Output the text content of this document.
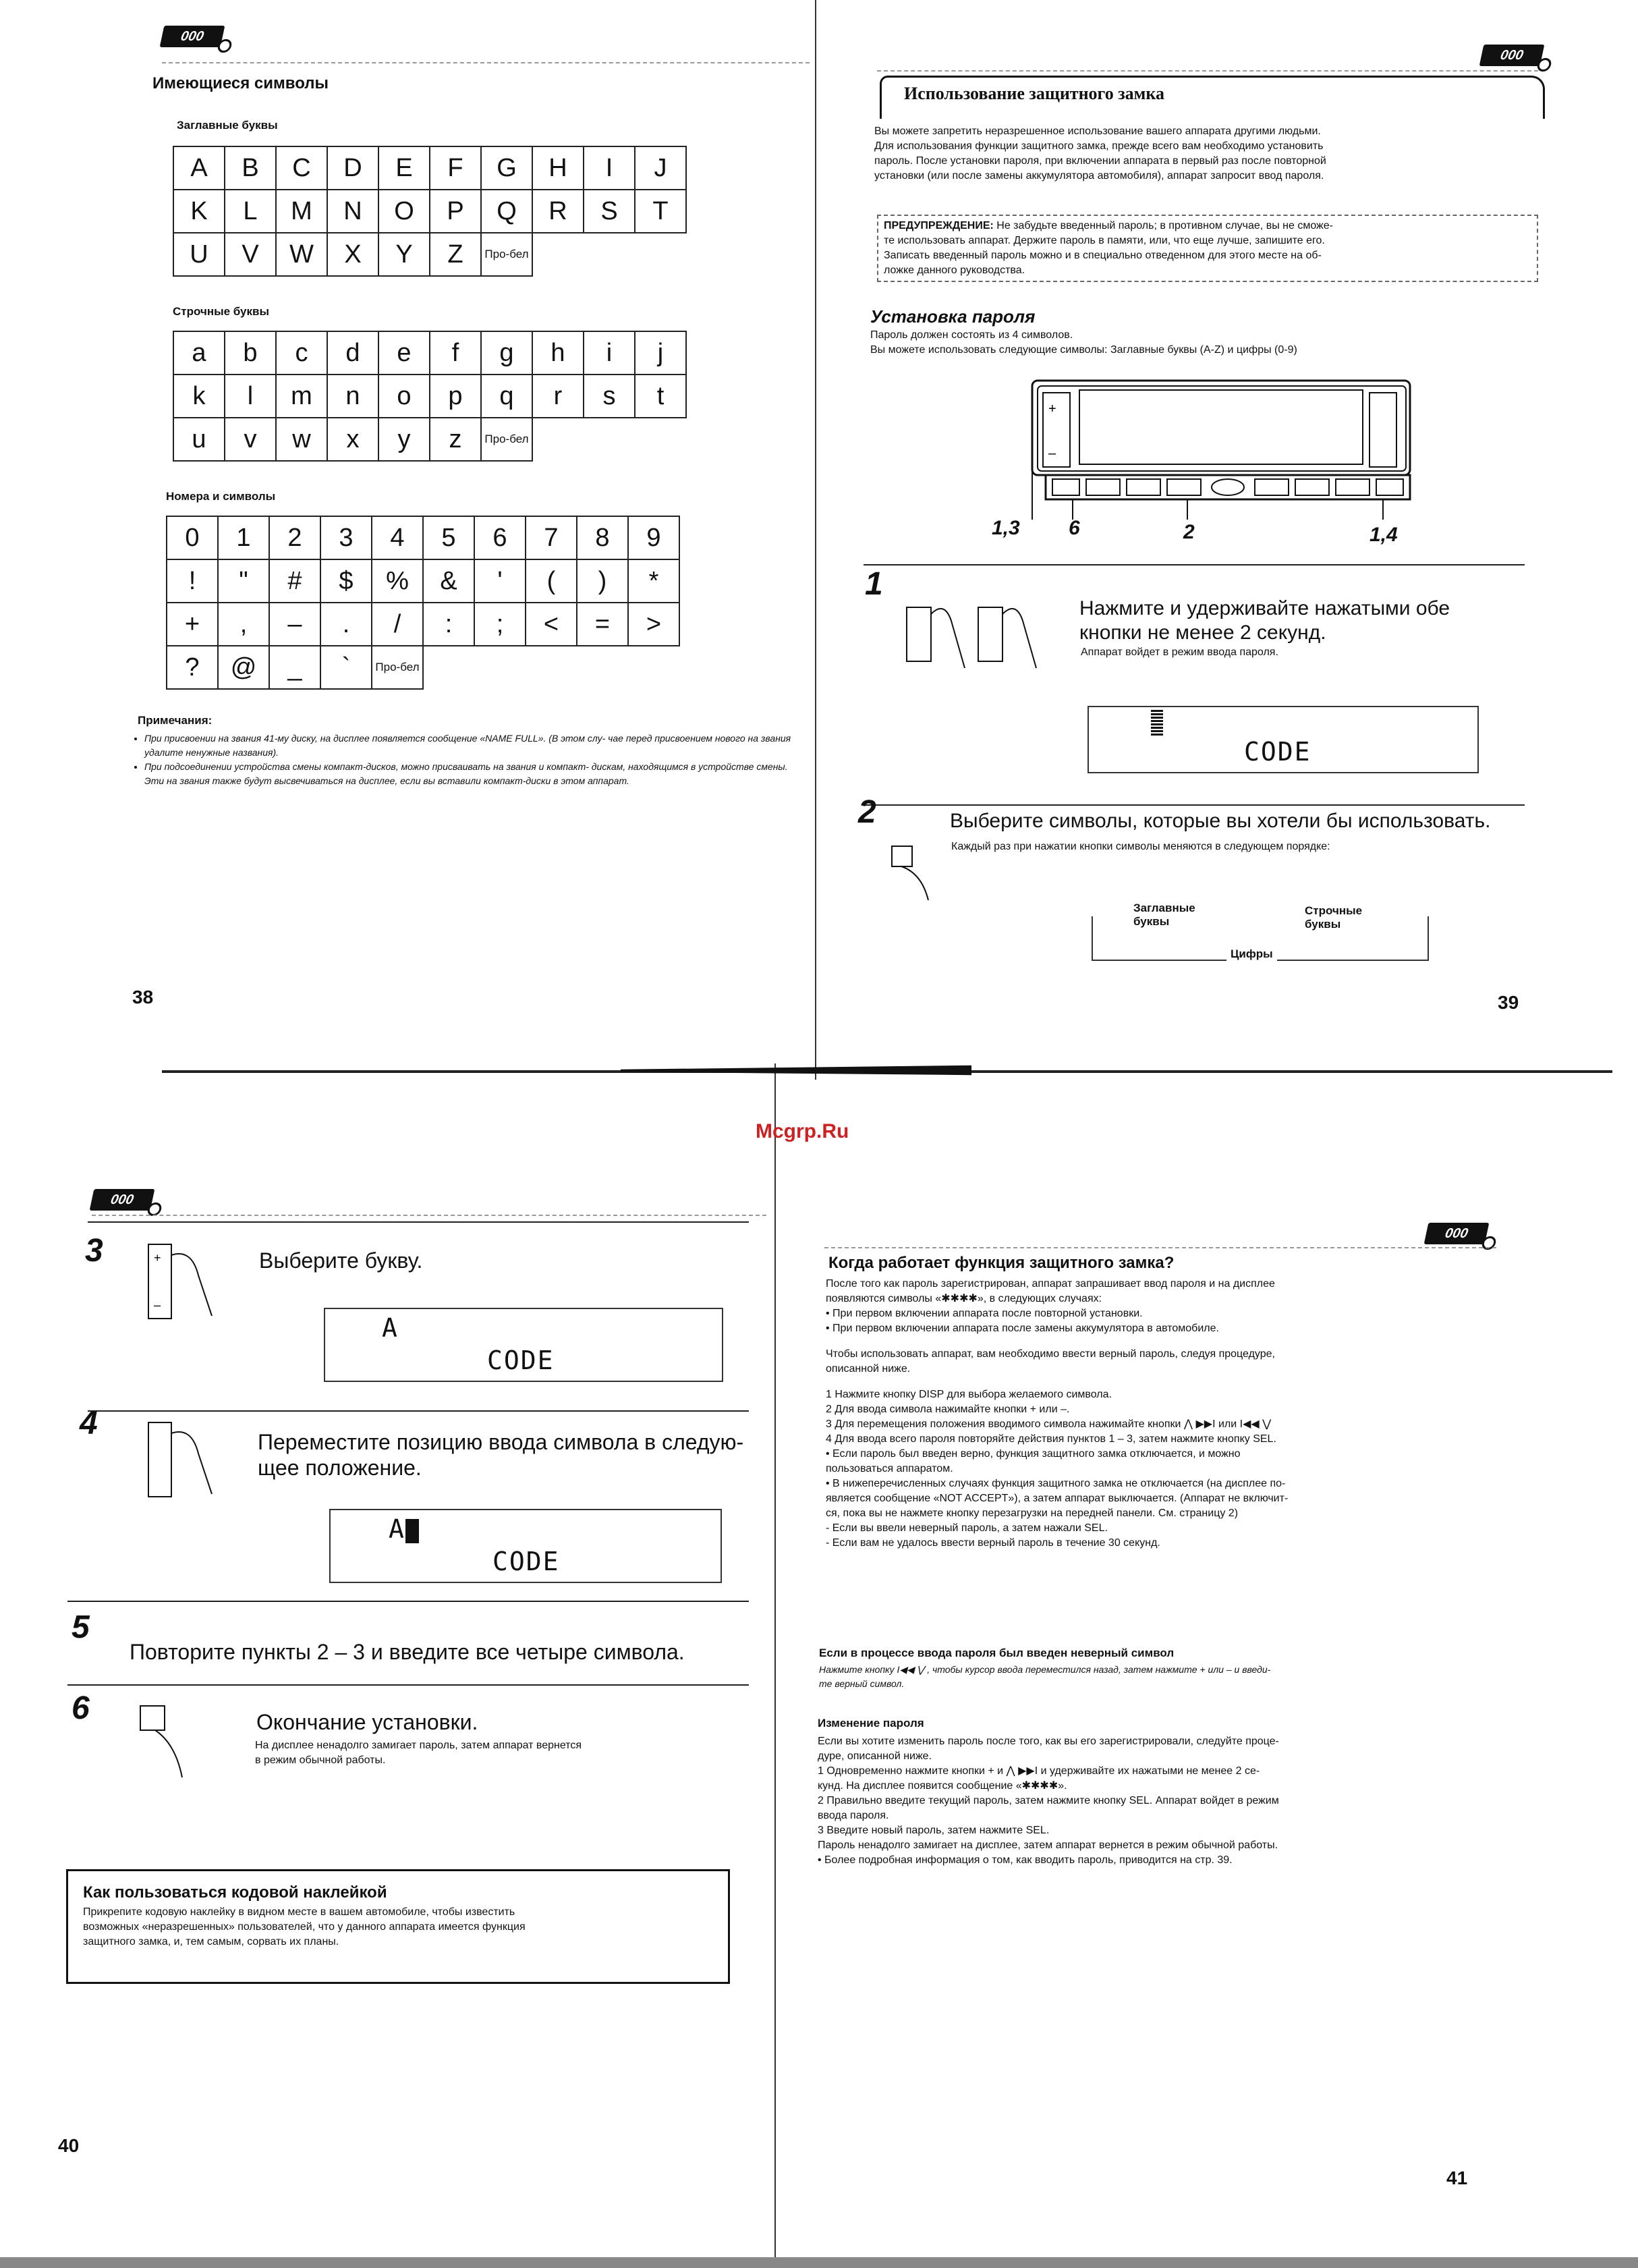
000
Имеющиеся символы
Заглавные буквы
A	B	C	D	E	F	G	H	I	J
K	L	M	N	O	P	Q	R	S	T
U	V	W	X	Y	Z	Про-бел			
Строчные буквы
a	b	c	d	e	f	g	h	i	j
k	l	m	n	o	p	q	r	s	t
u	v	w	x	y	z	Про-бел			
Номера и символы
0	1	2	3	4	5	6	7	8	9
!	"	#	$	%	&	'	(	)	*
+	,	–	.	/	:	;	<	=	>
?	@	_	`	Про-бел					
Примечания:
• При присвоении на звания 41-му диску, на дисплее появляется сообщение «NAME FULL». (В этом слу- чае перед присвоением нового на звания удалите ненужные названия).
• При подсоединении устройства смены компакт-дисков, можно присваивать на звания и компакт- дискам, находящимся в устройстве смены. Эти на звания также будут высвечиваться на дисплее, если вы вставили компакт-диски в этом аппарат.
38
Mcgrp.Ru
000
Использование защитного замка
Вы можете запретить неразрешенное использование вашего аппарата другими людьми.
Для использования функции защитного замка, прежде всего вам необходимо установить
пароль. После установки пароля, при включении аппарата в первый раз после повторной
установки (или после замены аккумулятора автомобиля), аппарат запросит ввод пароля.
ПРЕДУПРЕЖДЕНИЕ: Не забудьте введенный пароль; в противном случае, вы не сможе-
те использовать аппарат. Держите пароль в памяти, или, что еще лучше, запишите его.
Записать введенный пароль можно и в специально отведенном для этого месте на об-
ложке данного руководства.
Установка пароля
Пароль должен состоять из 4 символов.
Вы можете использовать следующие символы: Заглавные буквы (A-Z) и цифры (0-9)
+
–
1,3 6	2	1,4
1
Нажмите и удерживайте нажатыми обе
кнопки не менее 2 секунд.
Аппарат войдет в режим ввода пароля.
CODE
2	Выберите символы, которые вы хотели бы использовать.
Каждый раз при нажатии кнопки символы меняются в следующем порядке:
Заглавные буквы
Строчные буквы
Цифры
39
000
3	+
–
Выберите букву.
A
CODE
4
Переместите позицию ввода символа в следую-
щее положение.
A
CODE
5
Повторите пункты 2 – 3 и введите все четыре символа.
6	Окончание установки.
На дисплее ненадолго замигает пароль, затем аппарат вернется
в режим обычной работы.
Как пользоваться кодовой наклейкой
Прикрепите кодовую наклейку в видном месте в вашем автомобиле, чтобы известить
возможных «неразрешенных» пользователей, что у данного аппарата имеется функция
защитного замка, и, тем самым, сорвать их планы.
40
000
Когда работает функция защитного замка?
После того как пароль зарегистрирован, аппарат запрашивает ввод пароля и на дисплее
появляются символы «✱✱✱✱», в следующих случаях:
• При первом включении аппарата после повторной установки.
• При первом включении аппарата после замены аккумулятора в автомобиле.
Чтобы использовать аппарат, вам необходимо ввести верный пароль, следуя процедуре,
описанной ниже.
1 Нажмите кнопку DISP для выбора желаемого символа.
2 Для ввода символа нажимайте кнопки + или –.
3 Для перемещения положения вводимого символа нажимайте кнопки ⋀ ▶▶I или I◀◀ ⋁
4 Для ввода всего пароля повторяйте действия пунктов 1 – 3, затем нажмите кнопку SEL.
• Если пароль был введен верно, функция защитного замка отключается, и можно
пользоваться аппаратом.
• В нижеперечисленных случаях функция защитного замка не отключается (на дисплее по-
является сообщение «NOT ACCEPT»), а затем аппарат выключается. (Аппарат не включит-
ся, пока вы не нажмете кнопку перезагрузки на передней панели. См. страницу 2)
- Если вы ввели неверный пароль, а затем нажали SEL.
- Если вам не удалось ввести верный пароль в течение 30 секунд.
Если в процессе ввода пароля был введен неверный символ
Нажмите кнопку I◀◀ ⋁ , чтобы курсор ввода переместился назад, затем нажмите + или – и введи-
те верный символ.
Изменение пароля
Если вы хотите изменить пароль после того, как вы его зарегистрировали, следуйте проце-
дуре, описанной ниже.
1 Одновременно нажмите кнопки + и ⋀ ▶▶I и удерживайте их нажатыми не менее 2 се-
кунд. На дисплее появится сообщение «✱✱✱✱».
2 Правильно введите текущий пароль, затем нажмите кнопку SEL. Аппарат войдет в режим
ввода пароля.
3 Введите новый пароль, затем нажмите SEL.
Пароль ненадолго замигает на дисплее, затем аппарат вернется в режим обычной работы.
• Более подробная информация о том, как вводить пароль, приводится на стр. 39.
41
